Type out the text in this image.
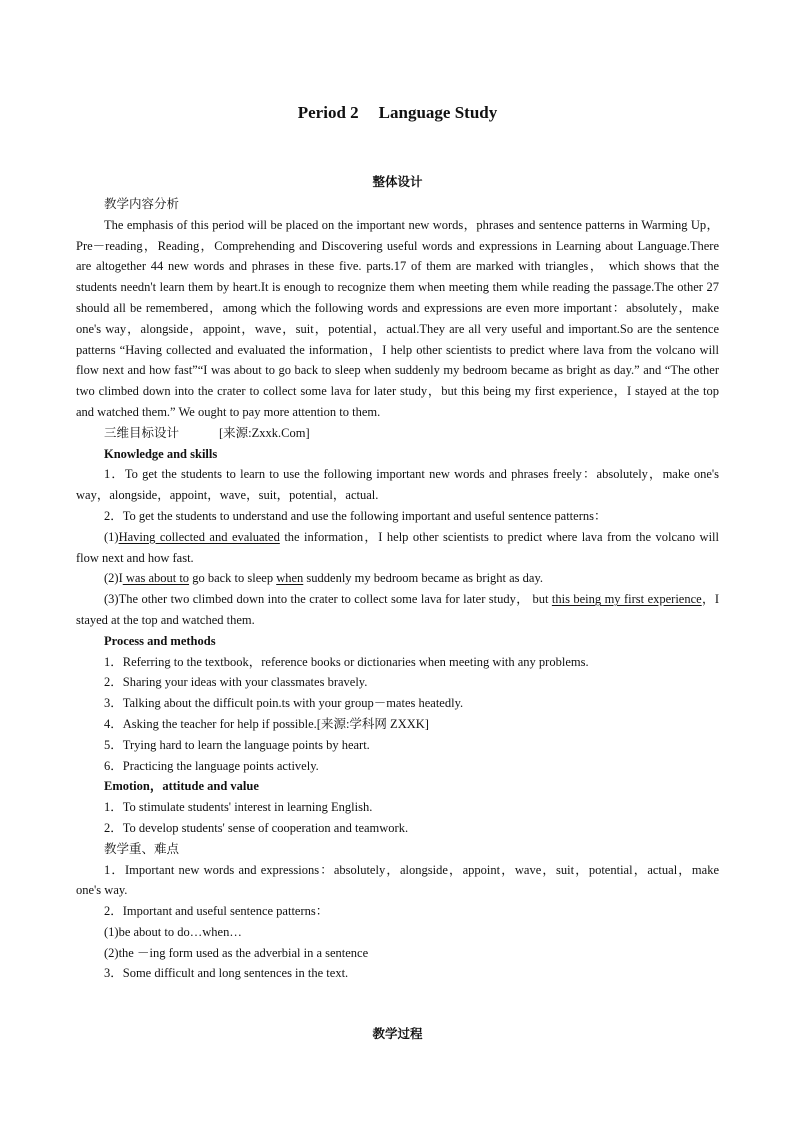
Period 2 Language Study
整体设计

教学内容分析

The emphasis of this period will be placed on the important new words，phrases and sentence patterns in Warming Up，Pre－reading，Reading，Comprehending and Discovering useful words and expressions in Learning about Language.There are altogether 44 new words and phrases in these five. parts.17 of them are marked with triangles， which shows that the students needn't learn them by heart.It is enough to recognize them when meeting them while reading the passage.The other 27 should all be remembered，among which the following words and expressions are even more important：absolutely，make one's way，alongside，appoint，wave，suit，potential，actual.They are all very useful and important.So are the sentence patterns “Having collected and evaluated the information，I help other scientists to predict where lava from the volcano will flow next and how fast”“I was about to go back to sleep when suddenly my bedroom became as bright as day.” and “The other two climbed down into the crater to collect some lava for later study，but this being my first experience，I stayed at the top and watched them.” We ought to pay more attention to them.

三维目标设计	[来源:Zxxk.Com]

Knowledge and skills

1．To get the students to learn to use the following important new words and phrases freely：absolutely，make one's way，alongside，appoint，wave，suit，potential，actual.

2．To get the students to understand and use the following important and useful sentence patterns：

(1)Having collected and evaluated the information，I help other scientists to predict where lava from the volcano will flow next and how fast.

(2)I was about to go back to sleep when suddenly my bedroom became as bright as day.

(3)The other two climbed down into the crater to collect some lava for later study， but this being my first experience，I stayed at the top and watched them.

Process and methods

1．Referring to the textbook，reference books or dictionaries when meeting with any problems.

2．Sharing your ideas with your classmates bravely.

3．Talking about the difficult poin.ts with your group－mates heatedly.

4．Asking the teacher for help if possible.[来源:学科网 ZXXK]

5．Trying hard to learn the language points by heart.

6．Practicing the language points actively.

Emotion，attitude and value

1．To stimulate students' interest in learning English.

2．To develop students' sense of cooperation and teamwork.

教学重、难点

1．Important new words and expressions：absolutely，alongside，appoint，wave，suit，potential，actual，make one's way.

2．Important and useful sentence patterns：

(1)be about to do…when…

(2)the －ing form used as the adverbial in a sentence

3．Some difficult and long sentences in the text.

教学过程
